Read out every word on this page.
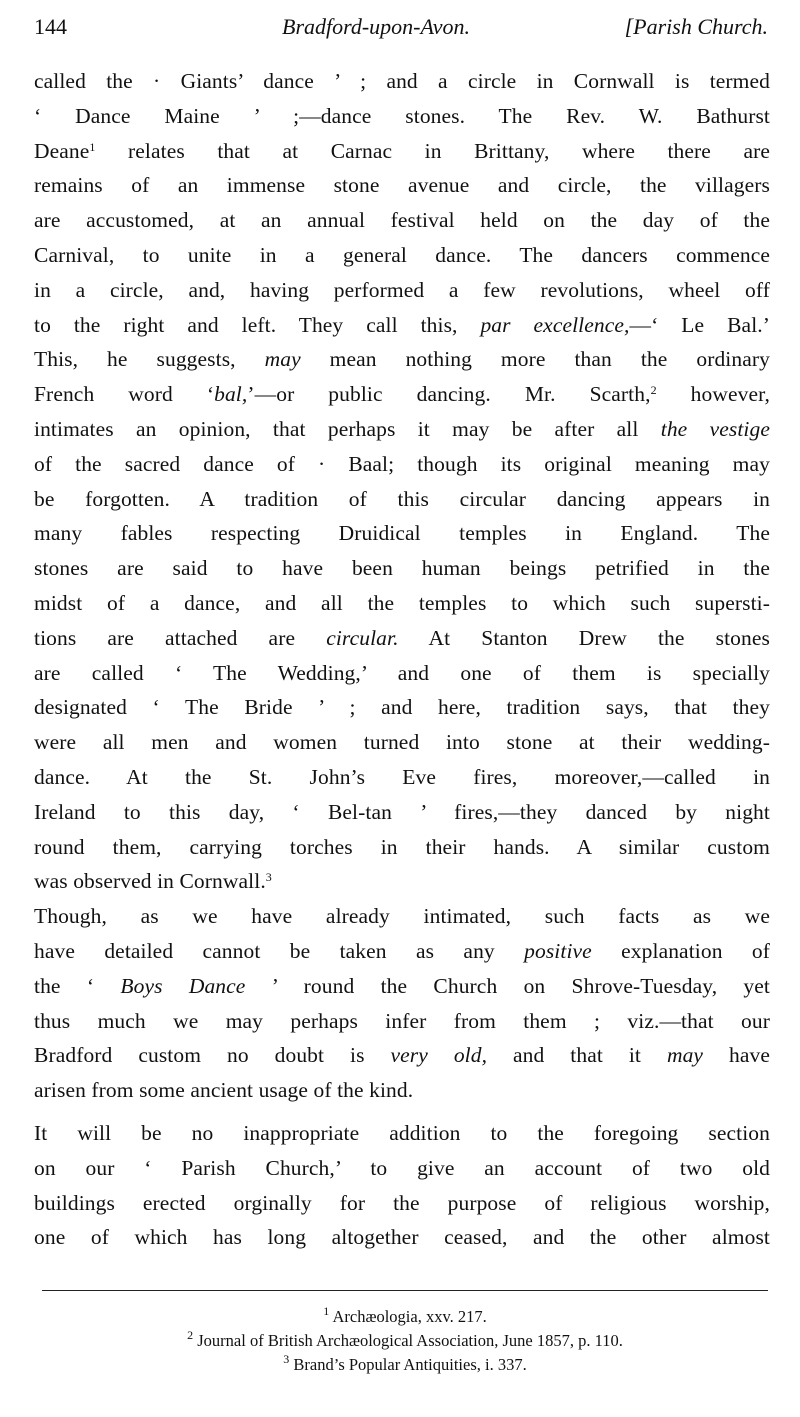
144	Bradford-upon-Avon.	[Parish Church.
called the · Giants’ dance ’ ; and a circle in Cornwall is termed
‘ Dance Maine ’ ;—dance stones. The Rev. W. Bathurst
Deane$^1$ relates that at Carnac in Brittany, where there are
remains of an immense stone avenue and circle, the villagers
are accustomed, at an annual festival held on the day of the
Carnival, to unite in a general dance. The dancers commence
in a circle, and, having performed a few revolutions, wheel off
to the right and left. They call this, par excellence,—‘ Le Bal.’
This, he suggests, may mean nothing more than the ordinary
French word ‘bal,’—or public dancing. Mr. Scarth,$^2$ however,
intimates an opinion, that perhaps it may be after all the vestige
of the sacred dance of · Baal; though its original meaning may
be forgotten. A tradition of this circular dancing appears in
many fables respecting Druidical temples in England. The
stones are said to have been human beings petrified in the
midst of a dance, and all the temples to which such supersti-
tions are attached are circular. At Stanton Drew the stones
are called ‘ The Wedding,’ and one of them is specially
designated ‘ The Bride ’ ; and here, tradition says, that they
were all men and women turned into stone at their wedding-
dance. At the St. John’s Eve fires, moreover,—called in
Ireland to this day, ‘ Bel-tan ’ fires,—they danced by night
round them, carrying torches in their hands. A similar custom
was observed in Cornwall.$^3$
Though, as we have already intimated, such facts as we
have detailed cannot be taken as any positive explanation of
the ‘ Boys Dance ’ round the Church on Shrove-Tuesday, yet
thus much we may perhaps infer from them ; viz.—that our
Bradford custom no doubt is very old, and that it may have
arisen from some ancient usage of the kind.
It will be no inappropriate addition to the foregoing section
on our ‘ Parish Church,’ to give an account of two old
buildings erected orginally for the purpose of religious worship,
one of which has long altogether ceased, and the other almost
$^1$ Archæologia, xxv. 217.
$^2$ Journal of British Archæological Association, June 1857, p. 110.
$^3$ Brand’s Popular Antiquities, i. 337.
